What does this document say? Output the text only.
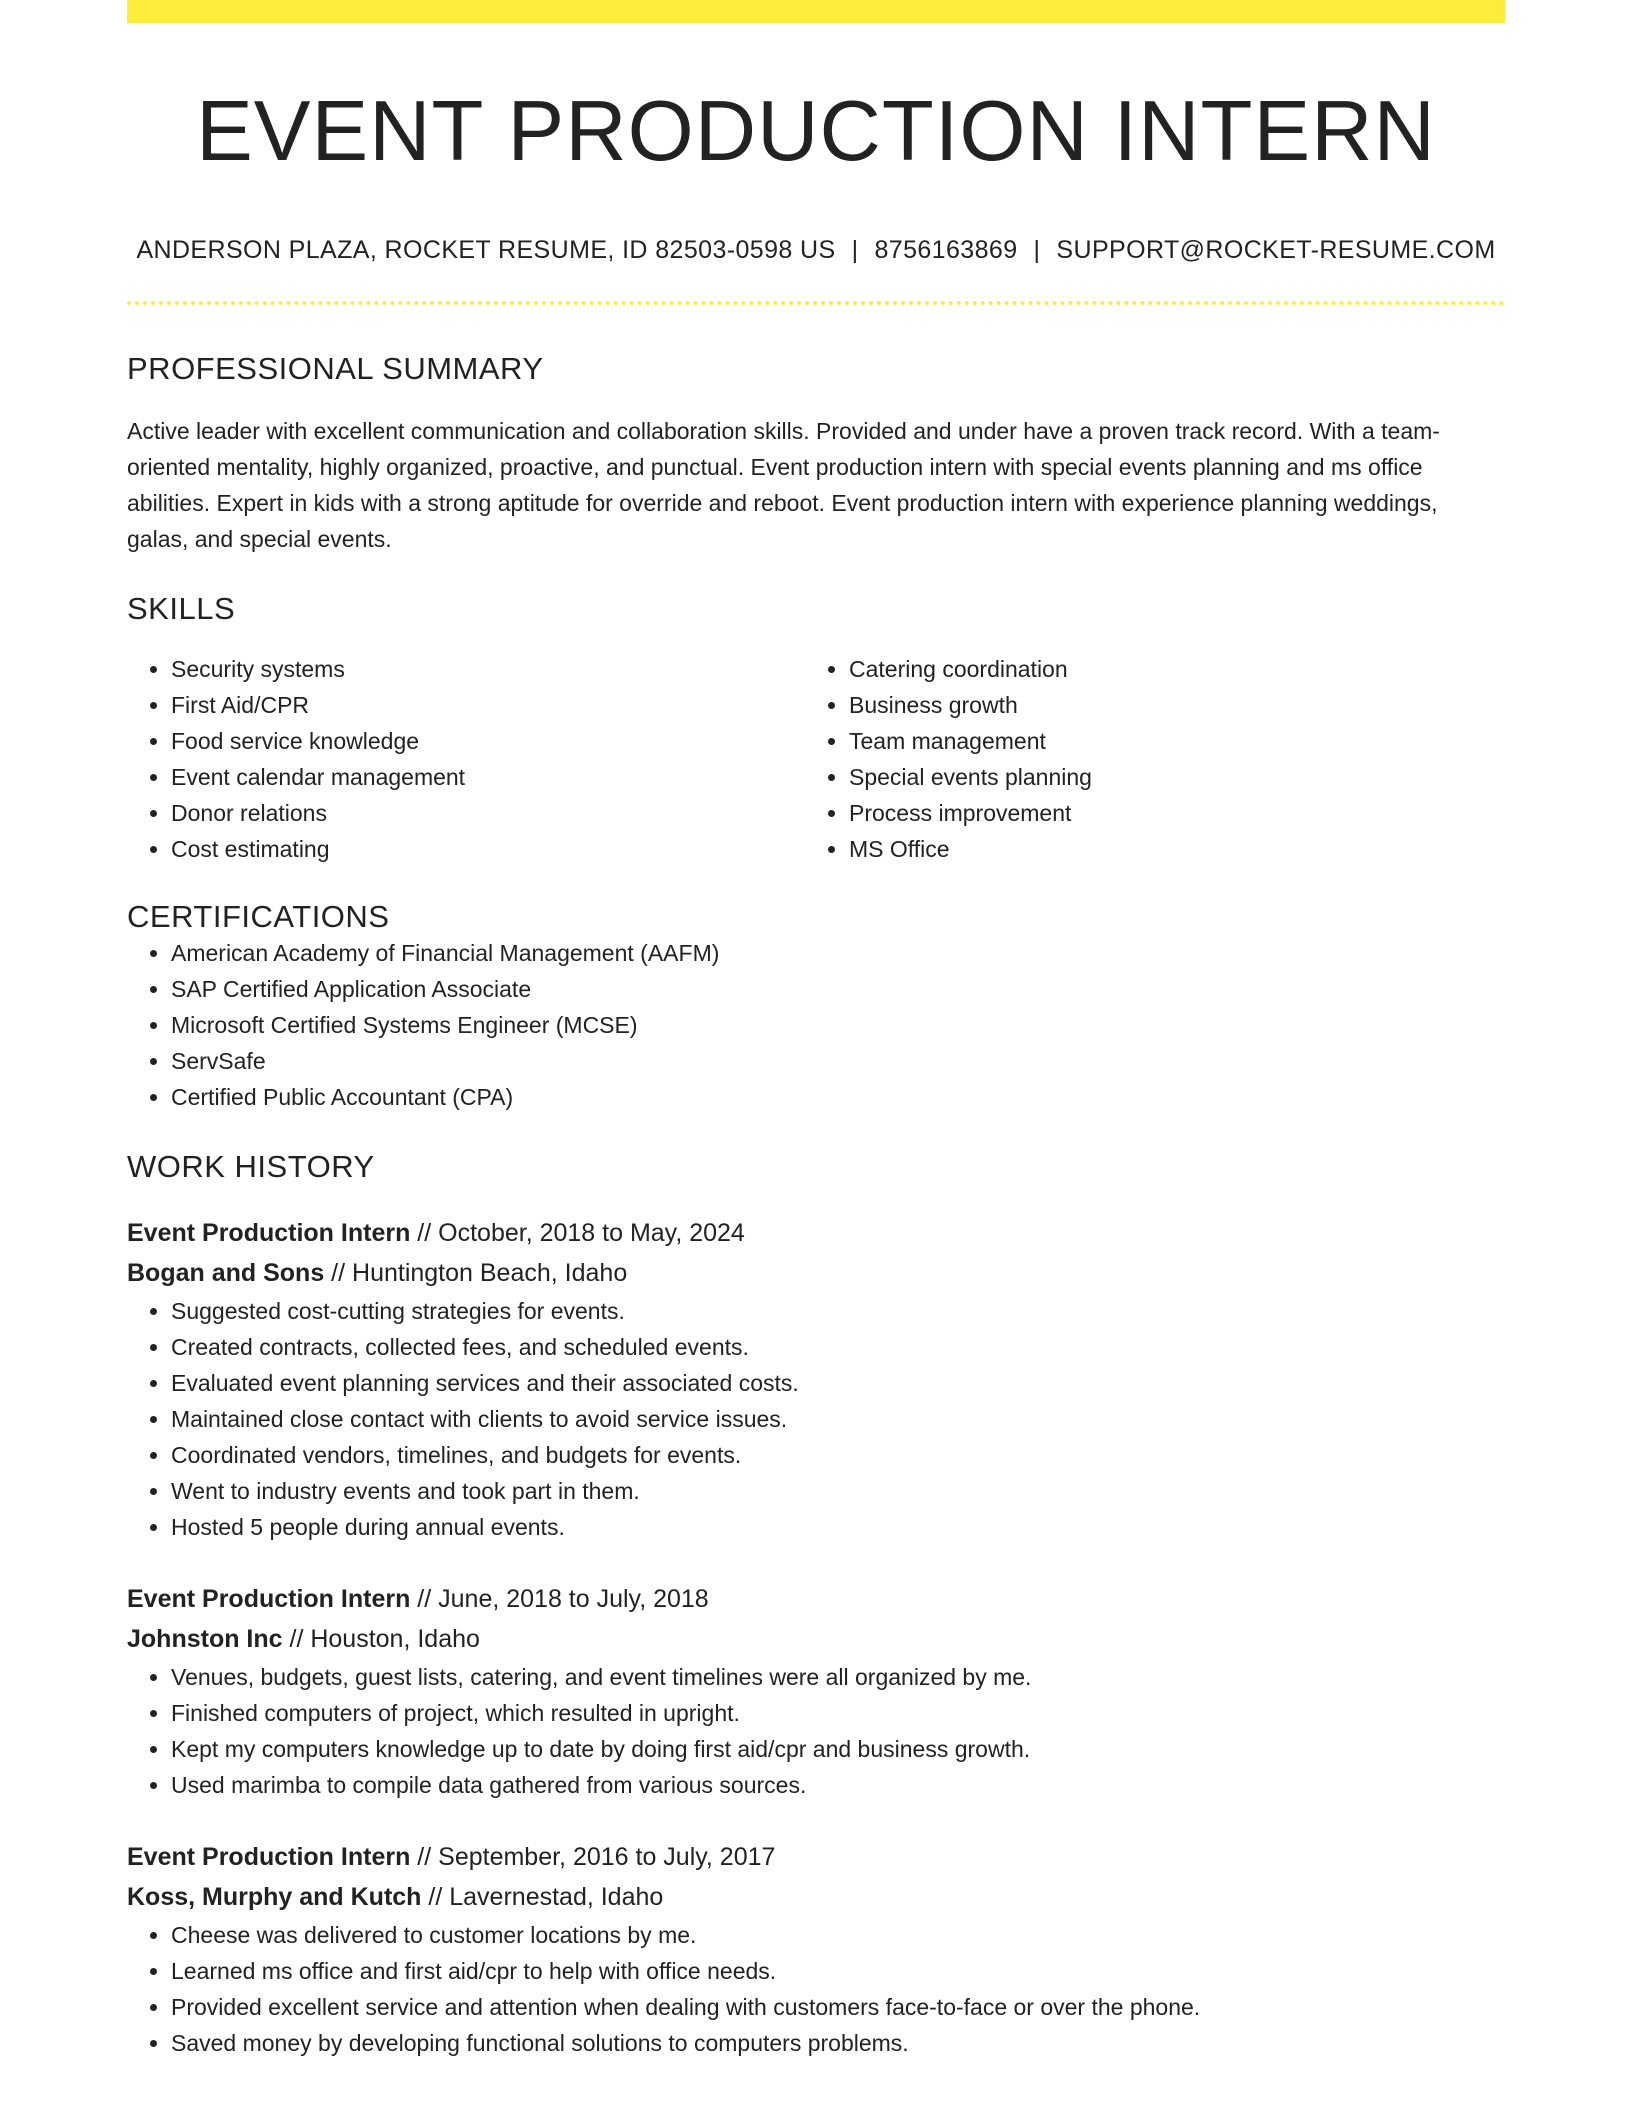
EVENT PRODUCTION INTERN
ANDERSON PLAZA, ROCKET RESUME, ID 82503-0598 US | 8756163869 | SUPPORT@ROCKET-RESUME.COM
PROFESSIONAL SUMMARY

Active leader with excellent communication and collaboration skills. Provided and under have a proven track record. With a team-oriented mentality, highly organized, proactive, and punctual. Event production intern with special events planning and ms office abilities. Expert in kids with a strong aptitude for override and reboot. Event production intern with experience planning weddings, galas, and special events.

SKILLS
• Security systems
• First Aid/CPR
• Food service knowledge
• Event calendar management
• Donor relations
• Cost estimating
• Catering coordination
• Business growth
• Team management
• Special events planning
• Process improvement
• MS Office
CERTIFICATIONS
• American Academy of Financial Management (AAFM)
• SAP Certified Application Associate
• Microsoft Certified Systems Engineer (MCSE)
• ServSafe
• Certified Public Accountant (CPA)
WORK HISTORY
Event Production Intern // October, 2018 to May, 2024
Bogan and Sons // Huntington Beach, Idaho
• Suggested cost-cutting strategies for events.
• Created contracts, collected fees, and scheduled events.
• Evaluated event planning services and their associated costs.
• Maintained close contact with clients to avoid service issues.
• Coordinated vendors, timelines, and budgets for events.
• Went to industry events and took part in them.
• Hosted 5 people during annual events.
Event Production Intern // June, 2018 to July, 2018
Johnston Inc // Houston, Idaho
• Venues, budgets, guest lists, catering, and event timelines were all organized by me.
• Finished computers of project, which resulted in upright.
• Kept my computers knowledge up to date by doing first aid/cpr and business growth.
• Used marimba to compile data gathered from various sources.
Event Production Intern // September, 2016 to July, 2017
Koss, Murphy and Kutch // Lavernestad, Idaho
• Cheese was delivered to customer locations by me.
• Learned ms office and first aid/cpr to help with office needs.
• Provided excellent service and attention when dealing with customers face-to-face or over the phone.
• Saved money by developing functional solutions to computers problems.
